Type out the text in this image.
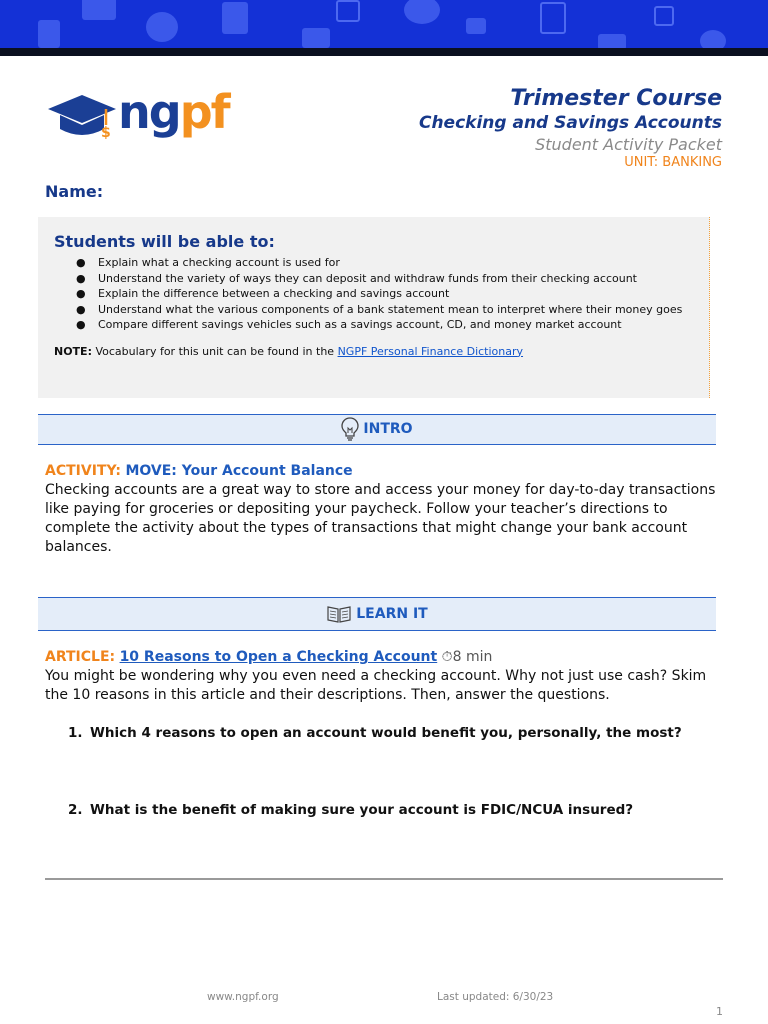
$ ngpf	Trimester Course
Checking and Savings Accounts
Student Activity Packet
UNIT: BANKING
Name:
Students will be able to:
● Explain what a checking account is used for
● Understand the variety of ways they can deposit and withdraw funds from their checking account
● Explain the difference between a checking and savings account
● Understand what the various components of a bank statement mean to interpret where their money goes
● Compare different savings vehicles such as a savings account, CD, and money market account
NOTE: Vocabulary for this unit can be found in the NGPF Personal Finance Dictionary
INTRO
ACTIVITY: MOVE: Your Account Balance
Checking accounts are a great way to store and access your money for day-to-day transactions like paying for groceries or depositing your paycheck. Follow your teacher’s directions to complete the activity about the types of transactions that might change your bank account balances.
LEARN IT
ARTICLE: 10 Reasons to Open a Checking Account ⏱8 min
You might be wondering why you even need a checking account. Why not just use cash? Skim the 10 reasons in this article and their descriptions. Then, answer the questions.
1. Which 4 reasons to open an account would benefit you, personally, the most?
2. What is the benefit of making sure your account is FDIC/NCUA insured?
www.ngpf.org	Last updated: 6/30/23
1
